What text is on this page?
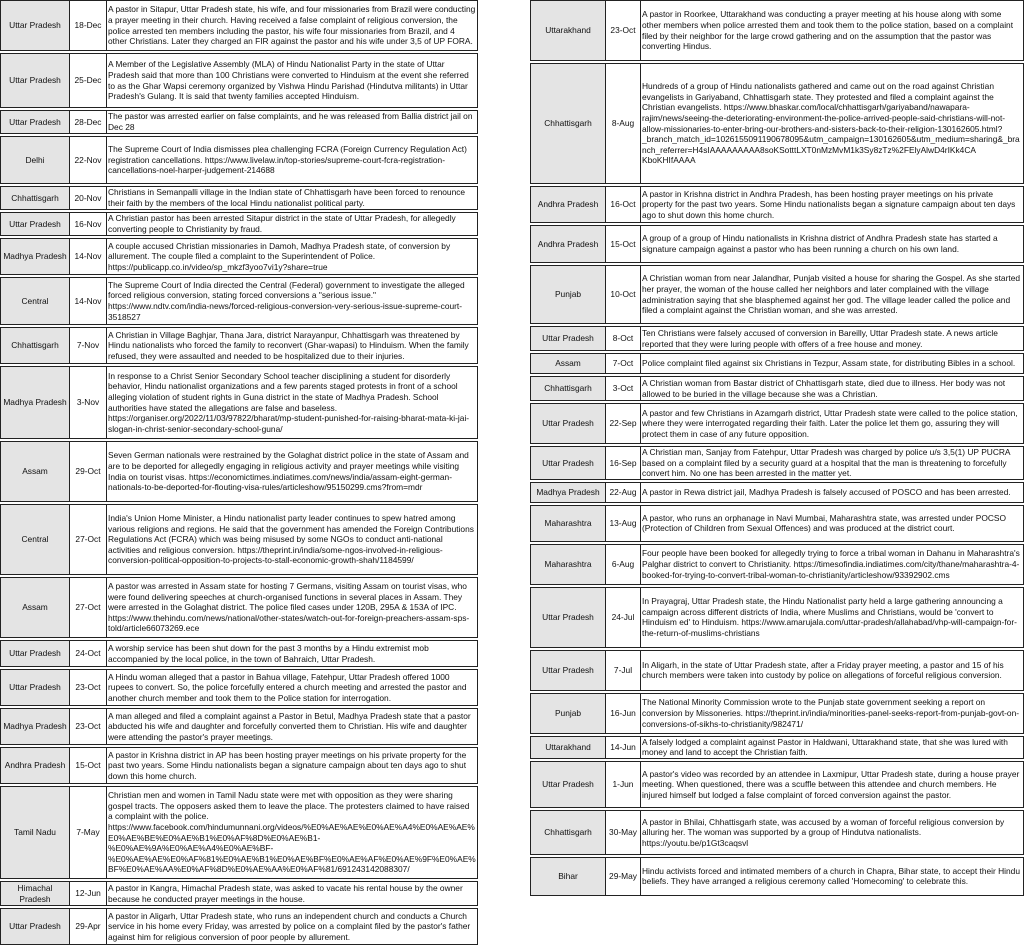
Uttar Pradesh	18-Dec	A pastor in Sitapur, Uttar Pradesh state, his wife, and four missionaries from Brazil were conducting a prayer meeting in their church. Having received a false complaint of religious conversion, the police arrested ten members including the pastor, his wife four missionaries from Brazil, and 4 other Christians. Later they charged an FIR against the pastor and his wife under 3,5 of UP FORA.

Uttar Pradesh	25-Dec	A Member of the Legislative Assembly (MLA) of Hindu Nationalist Party in the state of Uttar Pradesh said that more than 100 Christians were converted to Hinduism at the event she referred to as the Ghar Wapsi ceremony organized by Vishwa Hindu Parishad (Hindutva militants) in Uttar Pradesh's Gulang. It is said that twenty families accepted Hinduism.

Uttar Pradesh	28-Dec	The pastor was arrested earlier on false complaints, and he was released from Ballia district jail on Dec 28

Delhi	22-Nov	The Supreme Court of India dismisses plea challenging FCRA (Foreign Currency Regulation Act) registration cancellations. https://www.livelaw.in/top-stories/supreme-court-fcra-registration-cancellations-noel-harper-judgement-214688

Chhattisgarh	20-Nov	Christians in Semanpalli village in the Indian state of Chhattisgarh have been forced to renounce their faith by the members of the local Hindu nationalist political party.

Uttar Pradesh	16-Nov	A Christian pastor has been arrested Sitapur district in the state of Uttar Pradesh, for allegedly converting people to Christianity by fraud.

Madhya Pradesh	14-Nov	A couple accused Christian missionaries in Damoh, Madhya Pradesh state, of conversion by allurement. The couple filed a complaint to the Superintendent of Police. https://publicapp.co.in/video/sp_mkzf3yoo7vi1y?share=true

Central	14-Nov	The Supreme Court of India directed the Central (Federal) government to investigate the alleged forced religious conversion, stating forced conversions a "serious issue." https://www.ndtv.com/india-news/forced-religious-conversion-very-serious-issue-supreme-court-3518527

Chhattisgarh	7-Nov	A Christian in Village Baghjar, Thana Jara, district Narayanpur, Chhattisgarh was threatened by Hindu nationalists who forced the family to reconvert (Ghar-wapasi) to Hinduism. When the family refused, they were assaulted and needed to be hospitalized due to their injuries.

Madhya Pradesh	3-Nov	In response to a Christ Senior Secondary School teacher disciplining a student for disorderly behavior, Hindu nationalist organizations and a few parents staged protests in front of a school alleging violation of student rights in Guna district in the state of Madhya Pradesh. School authorities have stated the allegations are false and baseless. https://organiser.org/2022/11/03/97822/bharat/mp-student-punished-for-raising-bharat-mata-ki-jai-slogan-in-christ-senior-secondary-school-guna/

Assam	29-Oct	Seven German nationals were restrained by the Golaghat district police in the state of Assam and are to be deported for allegedly engaging in religious activity and prayer meetings while visiting India on tourist visas. https://economictimes.indiatimes.com/news/india/assam-eight-german-nationals-to-be-deported-for-flouting-visa-rules/articleshow/95150299.cms?from=mdr

Central	27-Oct	India's Union Home Minister, a Hindu nationalist party leader continues to spew hatred among various religions and regions. He said that the government has amended the Foreign Contributions Regulations Act (FCRA) which was being misused by some NGOs to conduct anti-national activities and religious conversion. https://theprint.in/india/some-ngos-involved-in-religious-conversion-political-opposition-to-projects-to-stall-economic-growth-shah/1184599/

Assam	27-Oct	A pastor was arrested in Assam state for hosting 7 Germans, visiting Assam on tourist visas, who were found delivering speeches at church-organised functions in several places in Assam. They were arrested in the Golaghat district. The police filed cases under 120B, 295A & 153A of IPC. https://www.thehindu.com/news/national/other-states/watch-out-for-foreign-preachers-assam-sps-told/article66073269.ece

Uttar Pradesh	24-Oct	A worship service has been shut down for the past 3 months by a Hindu extremist mob accompanied by the local police, in the town of Bahraich, Uttar Pradesh.

Uttar Pradesh	23-Oct	A Hindu woman alleged that a pastor in Bahua village, Fatehpur, Uttar Pradesh offered 1000 rupees to convert. So, the police forcefully entered a church meeting and arrested the pastor and another church member and took them to the Police station for interrogation.

Madhya Pradesh	23-Oct	A man alleged and filed a complaint against a Pastor in Betul, Madhya Pradesh state that a pastor abducted his wife and daughter and forcefully converted them to Christian. His wife and daughter were attending the pastor's prayer meetings.

Andhra Pradesh	15-Oct	A pastor in Krishna district in AP has been hosting prayer meetings on his private property for the past two years. Some Hindu nationalists began a signature campaign about ten days ago to shut down this home church.

Tamil Nadu	7-May	Christian men and women in Tamil Nadu state were met with opposition as they were sharing gospel tracts. The opposers asked them to leave the place. The protesters claimed to have raised a complaint with the police. https://www.facebook.com/hindumunnani.org/videos/%E0%AE%AE%E0%AE%A4%E0%AE%AE%E0%AE%BE%E0%AE%B1%E0%AF%8D%E0%AE%B1-%E0%AE%9A%E0%AE%A4%E0%AE%BF-%E0%AE%AE%E0%AF%81%E0%AE%B1%E0%AE%BF%E0%AE%AF%E0%AE%9F%E0%AE%BF%E0%AE%AA%E0%AF%8D%E0%AE%AA%E0%AF%81/691243142088307/

Himachal Pradesh	12-Jun	A pastor in Kangra, Himachal Pradesh state, was asked to vacate his rental house by the owner because he conducted prayer meetings in the house.

Uttar Pradesh	29-Apr	A pastor in Aligarh, Uttar Pradesh state, who runs an independent church and conducts a Church service in his home every Friday, was arrested by police on a complaint filed by the pastor's father against him for religious conversion of poor people by allurement.
Uttarakhand	23-Oct	A pastor in Roorkee, Uttarakhand was conducting a prayer meeting at his house along with some other members when police arrested them and took them to the police station, based on a complaint filed by their neighbor for the large crowd gathering and on the assumption that the pastor was converting Hindus.

Chhattisgarh	8-Aug	Hundreds of a group of Hindu nationalists gathered and came out on the road against Christian evangelists in Gariyaband, Chhattisgarh state. They protested and filed a complaint against the Christian evangelists. https://www.bhaskar.com/local/chhattisgarh/gariyaband/nawapara-rajim/news/seeing-the-deteriorating-environment-the-police-arrived-people-said-christians-will-not-allow-missionaries-to-enter-bring-our-brothers-and-sisters-back-to-their-religion-130162605.html?_branch_match_id=1026155091190678095&utm_campaign=130162605&utm_medium=sharing&_branch_referrer=H4sIAAAAAAAAA8soKSotttLXT0nMzMvM1k3Sy8zTz%2FElyAlwD4rIKk4CA KboKHIfAAAA

Andhra Pradesh	16-Oct	A pastor in Krishna district in Andhra Pradesh, has been hosting prayer meetings on his private property for the past two years. Some Hindu nationalists began a signature campaign about ten days ago to shut down this home church.

Andhra Pradesh	15-Oct	A group of a group of Hindu nationalists in Krishna district of Andhra Pradesh state has started a signature campaign against a pastor who has been running a church on his own land.

Punjab	10-Oct	A Christian woman from near Jalandhar, Punjab visited a house for sharing the Gospel. As she started her prayer, the woman of the house called her neighbors and later complained with the village administration saying that she blasphemed against her god. The village leader called the police and filed a complaint against the Christian woman, and she was arrested.

Uttar Pradesh	8-Oct	Ten Christians were falsely accused of conversion in Bareilly, Uttar Pradesh state. A news article reported that they were luring people with offers of a free house and money.

Assam	7-Oct	Police complaint filed against six Christians in Tezpur, Assam state, for distributing Bibles in a school.

Chhattisgarh	3-Oct	A Christian woman from Bastar district of Chhattisgarh state, died due to illness. Her body was not allowed to be buried in the village because she was a Christian.

Uttar Pradesh	22-Sep	A pastor and few Christians in Azamgarh district, Uttar Pradesh state were called to the police station, where they were interrogated regarding their faith. Later the police let them go, assuring they will protect them in case of any future opposition.

Uttar Pradesh	16-Sep	A Christian man, Sanjay from Fatehpur, Uttar Pradesh was charged by police u/s 3,5(1) UP PUCRA based on a complaint filed by a security guard at a hospital that the man is threatening to forcefully convert him. No one has been arrested in the matter yet.

Madhya Pradesh	22-Aug	A pastor in Rewa district jail, Madhya Pradesh is falsely accused of POSCO and has been arrested.

Maharashtra	13-Aug	A pastor, who runs an orphanage in Navi Mumbai, Maharashtra state, was arrested under POCSO (Protection of Children from Sexual Offences) and was produced at the district court.

Maharashtra	6-Aug	Four people have been booked for allegedly trying to force a tribal woman in Dahanu in Maharashtra's Palghar district to convert to Christianity. https://timesofindia.indiatimes.com/city/thane/maharashtra-4-booked-for-trying-to-convert-tribal-woman-to-christianity/articleshow/93392902.cms

Uttar Pradesh	24-Jul	In Prayagraj, Uttar Pradesh state, the Hindu Nationalist party held a large gathering announcing a campaign across different districts of India, where Muslims and Christians, would be 'convert to Hinduism ed' to Hinduism. https://www.amarujala.com/uttar-pradesh/allahabad/vhp-will-campaign-for-the-return-of-muslims-christians

Uttar Pradesh	7-Jul	In Aligarh, in the state of Uttar Pradesh state, after a Friday prayer meeting, a pastor and 15 of his church members were taken into custody by police on allegations of forceful religious conversion.

Punjab	16-Jun	The National Minority Commission wrote to the Punjab state government seeking a report on conversion by Missoneries. https://theprint.in/india/minorities-panel-seeks-report-from-punjab-govt-on-conversions-of-sikhs-to-christianity/982471/

Uttarakhand	14-Jun	A falsely lodged a complaint against Pastor in Haldwani, Uttarakhand state, that she was lured with money and land to accept the Christian faith.

Uttar Pradesh	1-Jun	A pastor's video was recorded by an attendee in Laxmipur, Uttar Pradesh state, during a house prayer meeting. When questioned, there was a scuffle between this attendee and church members. He injured himself but lodged a false complaint of forced conversion against the pastor.

Chhattisgarh	30-May	A pastor in Bhilai, Chhattisgarh state, was accused by a woman of forceful religious conversion by alluring her. The woman was supported by a group of Hindutva nationalists. https://youtu.be/p1Gt3caqsvl

Bihar	29-May	Hindu activists forced and intimated members of a church in Chapra, Bihar state, to accept their Hindu beliefs. They have arranged a religious ceremony called 'Homecoming' to celebrate this.
